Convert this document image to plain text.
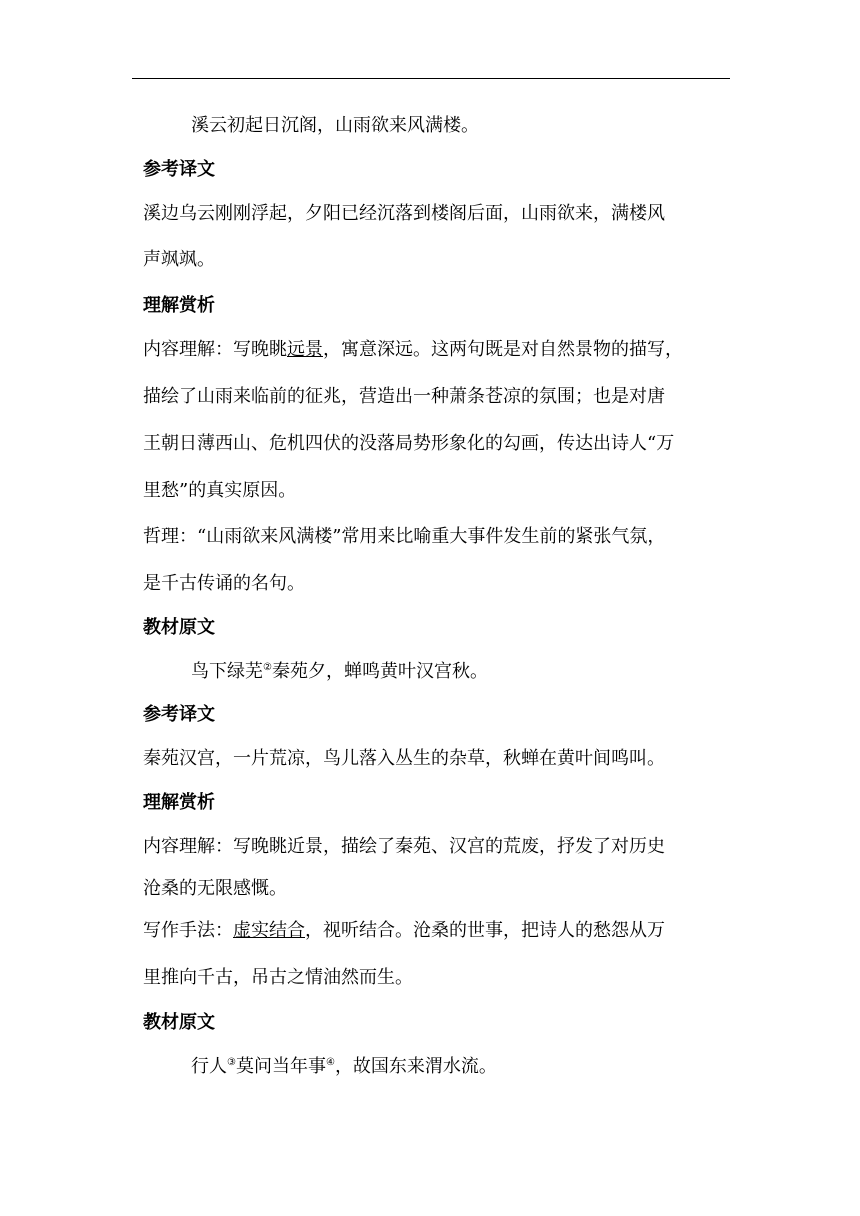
溪云初起日沉阁，山雨欲来风满楼。
参考译文
溪边乌云刚刚浮起，夕阳已经沉落到楼阁后面，山雨欲来，满楼风
声飒飒。
理解赏析
内容理解：写晚眺远景，寓意深远。这两句既是对自然景物的描写，
描绘了山雨来临前的征兆，营造出一种萧条苍凉的氛围；也是对唐
王朝日薄西山、危机四伏的没落局势形象化的勾画，传达出诗人“万
里愁”的真实原因。
哲理：“山雨欲来风满楼”常用来比喻重大事件发生前的紧张气氛，
是千古传诵的名句。
教材原文
鸟下绿芜②秦苑夕，蝉鸣黄叶汉宫秋。
参考译文
秦苑汉宫，一片荒凉，鸟儿落入丛生的杂草，秋蝉在黄叶间鸣叫。
理解赏析
内容理解：写晚眺近景，描绘了秦苑、汉宫的荒废，抒发了对历史
沧桑的无限感慨。
写作手法：虚实结合，视听结合。沧桑的世事，把诗人的愁怨从万
里推向千古，吊古之情油然而生。
教材原文
行人③莫问当年事④，故国东来渭水流。
